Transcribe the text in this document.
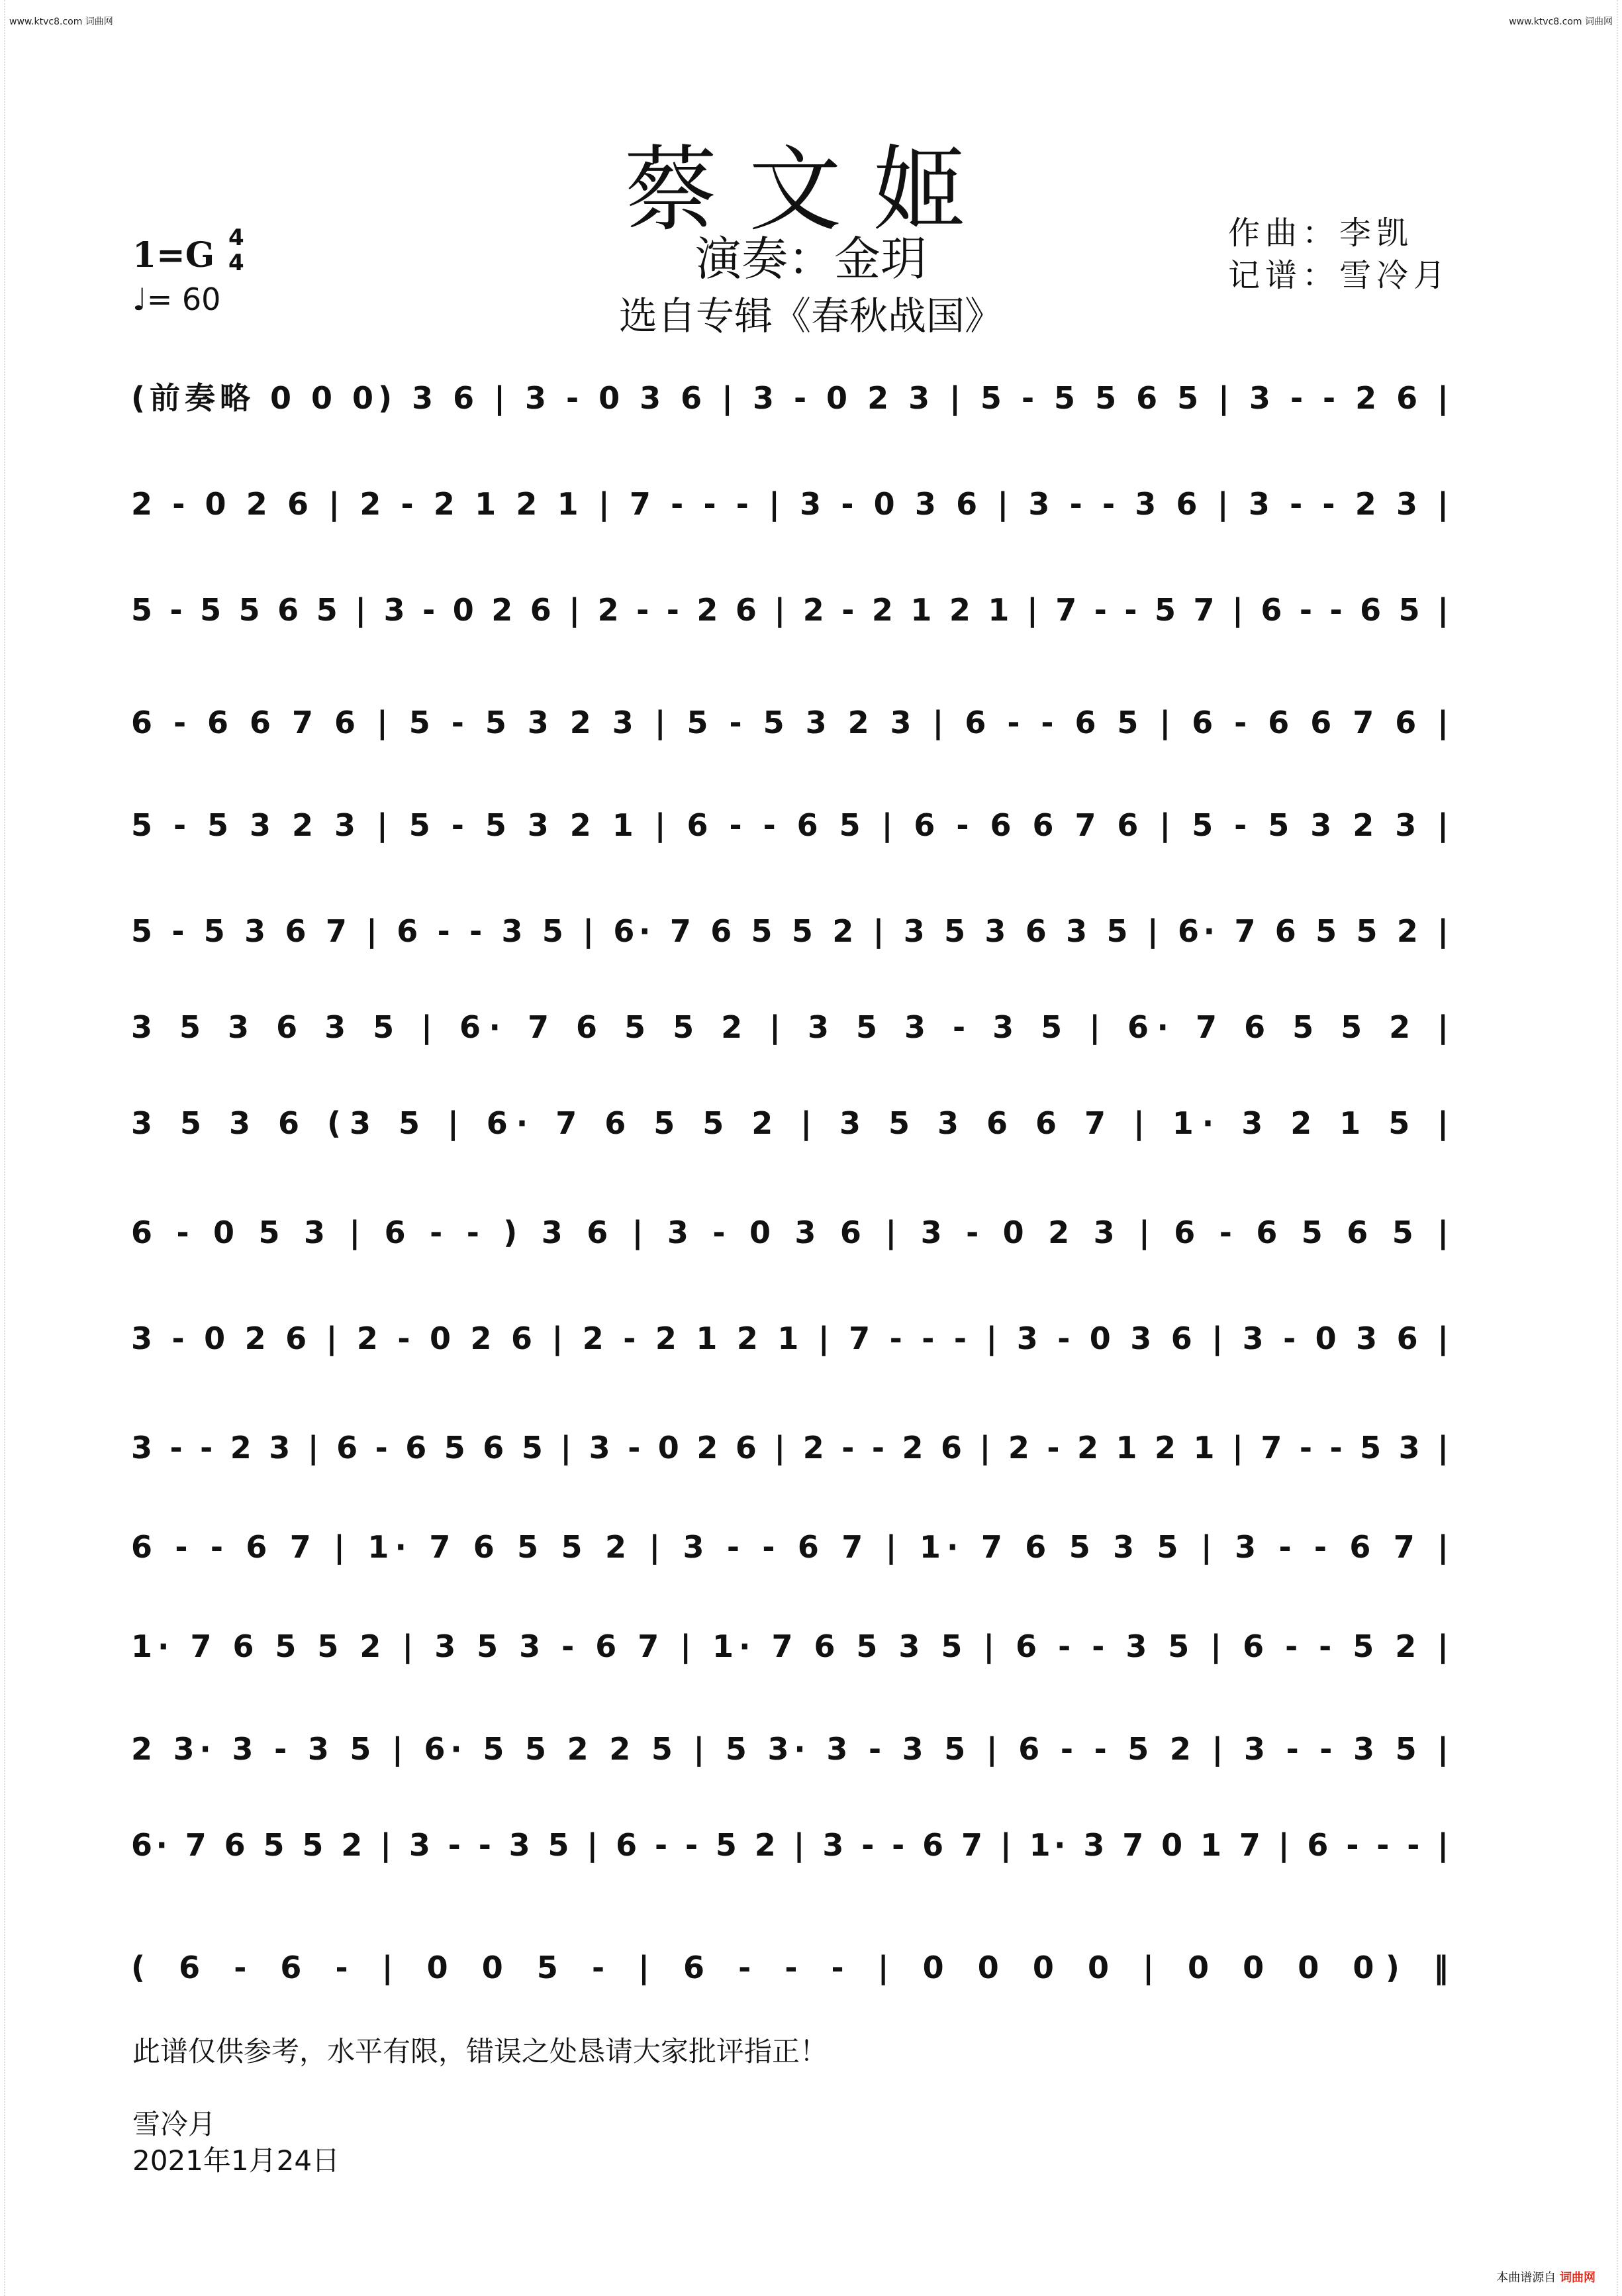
www.ktvc8.com 词曲网	www.ktvc8.com 词曲网
蔡文姬
1=G 4
4
♩= 60
演奏：金玥
选自专辑《春秋战国》
作曲：李凯
记谱：雪冷月
(前奏略 0 0 0) 3 6 | 3 - 0 3 6 | 3 - 0 2 3 | 5 - 5 5 6 5 | 3 - - 2 6 |
2 - 0 2 6 | 2 - 2 1 2 1 | 7 - - - | 3 - 0 3 6 | 3 - - 3 6 | 3 - - 2 3 |
5 - 5 5 6 5 | 3 - 0 2 6 | 2 - - 2 6 | 2 - 2 1 2 1 | 7 - - 5 7 | 6 - - 6 5 |
6 - 6 6 7 6 | 5 - 5 3 2 3 | 5 - 5 3 2 3 | 6 - - 6 5 | 6 - 6 6 7 6 |
5 - 5 3 2 3 | 5 - 5 3 2 1 | 6 - - 6 5 | 6 - 6 6 7 6 | 5 - 5 3 2 3 |
5 - 5 3 6 7 | 6 - - 3 5 | 6· 7 6 5 5 2 | 3 5 3 6 3 5 | 6· 7 6 5 5 2 |
3 5 3 6 3 5 | 6· 7 6 5 5 2 | 3 5 3 - 3 5 | 6· 7 6 5 5 2 |
3 5 3 6 (3 5 | 6· 7 6 5 5 2 | 3 5 3 6 6 7 | 1· 3 2 1 5 |
6 - 0 5 3 | 6 - - ) 3 6 | 3 - 0 3 6 | 3 - 0 2 3 | 6 - 6 5 6 5 |
3 - 0 2 6 | 2 - 0 2 6 | 2 - 2 1 2 1 | 7 - - - | 3 - 0 3 6 | 3 - 0 3 6 |
3 - - 2 3 | 6 - 6 5 6 5 | 3 - 0 2 6 | 2 - - 2 6 | 2 - 2 1 2 1 | 7 - - 5 3 |
6 - - 6 7 | 1· 7 6 5 5 2 | 3 - - 6 7 | 1· 7 6 5 3 5 | 3 - - 6 7 |
1· 7 6 5 5 2 | 3 5 3 - 6 7 | 1· 7 6 5 3 5 | 6 - - 3 5 | 6 - - 5 2 |
2 3· 3 - 3 5 | 6· 5 5 2 2 5 | 5 3· 3 - 3 5 | 6 - - 5 2 | 3 - - 3 5 |
6· 7 6 5 5 2 | 3 - - 3 5 | 6 - - 5 2 | 3 - - 6 7 | 1· 3 7 0 1 7 | 6 - - - |
( 6 - 6 - | 0 0 5 - | 6 - - - | 0 0 0 0 | 0 0 0 0) ‖
此谱仅供参考，水平有限，错误之处恳请大家批评指正！
雪冷月
2021年1月24日
本曲谱源自 词曲网
